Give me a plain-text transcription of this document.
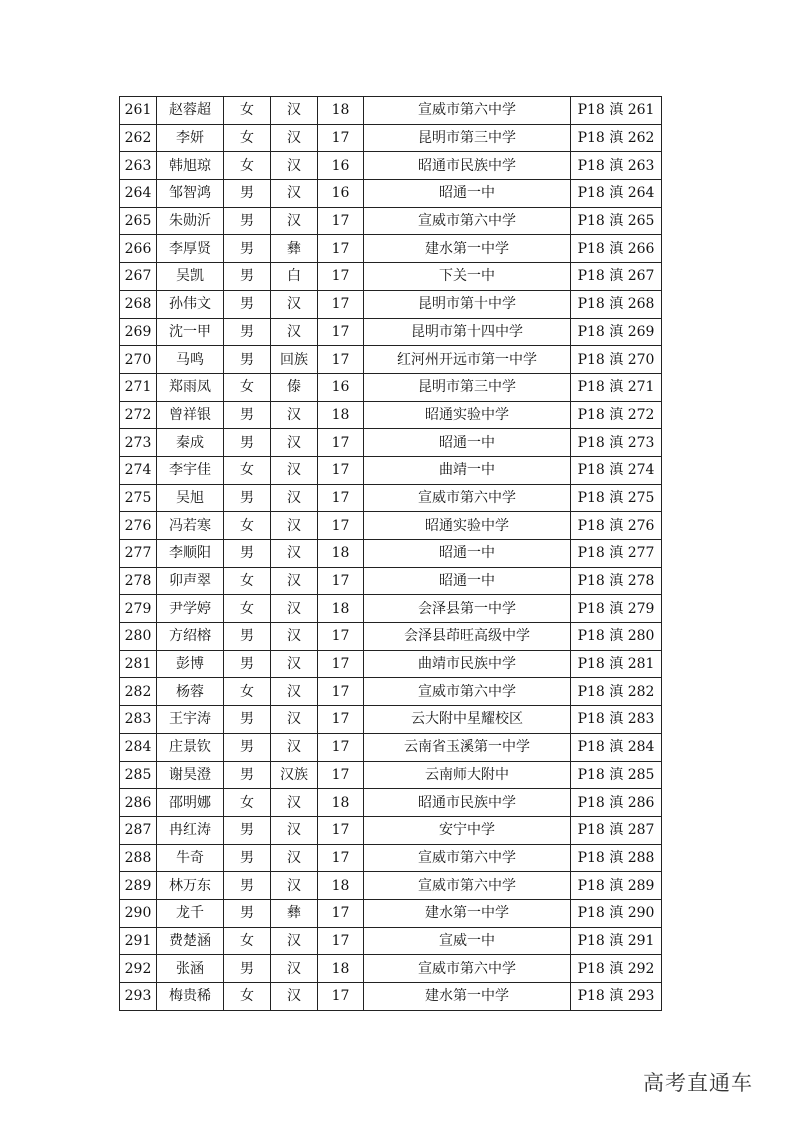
261	赵蓉超	女	汉	18	宣威市第六中学	P18 滇 261
262	李妍	女	汉	17	昆明市第三中学	P18 滇 262
263	韩旭琼	女	汉	16	昭通市民族中学	P18 滇 263
264	邹智鸿	男	汉	16	昭通一中	P18 滇 264
265	朱勋沂	男	汉	17	宣威市第六中学	P18 滇 265
266	李厚贤	男	彝	17	建水第一中学	P18 滇 266
267	吴凯	男	白	17	下关一中	P18 滇 267
268	孙伟文	男	汉	17	昆明市第十中学	P18 滇 268
269	沈一甲	男	汉	17	昆明市第十四中学	P18 滇 269
270	马鸣	男	回族	17	红河州开远市第一中学	P18 滇 270
271	郑雨凤	女	傣	16	昆明市第三中学	P18 滇 271
272	曾祥银	男	汉	18	昭通实验中学	P18 滇 272
273	秦成	男	汉	17	昭通一中	P18 滇 273
274	李宇佳	女	汉	17	曲靖一中	P18 滇 274
275	吴旭	男	汉	17	宣威市第六中学	P18 滇 275
276	冯若寒	女	汉	17	昭通实验中学	P18 滇 276
277	李顺阳	男	汉	18	昭通一中	P18 滇 277
278	卯声翠	女	汉	17	昭通一中	P18 滇 278
279	尹学婷	女	汉	18	会泽县第一中学	P18 滇 279
280	方绍榕	男	汉	17	会泽县茚旺高级中学	P18 滇 280
281	彭博	男	汉	17	曲靖市民族中学	P18 滇 281
282	杨蓉	女	汉	17	宣威市第六中学	P18 滇 282
283	王宇涛	男	汉	17	云大附中星耀校区	P18 滇 283
284	庄景钦	男	汉	17	云南省玉溪第一中学	P18 滇 284
285	谢昊澄	男	汉族	17	云南师大附中	P18 滇 285
286	邵明娜	女	汉	18	昭通市民族中学	P18 滇 286
287	冉红涛	男	汉	17	安宁中学	P18 滇 287
288	牛奇	男	汉	17	宣威市第六中学	P18 滇 288
289	林万东	男	汉	18	宣威市第六中学	P18 滇 289
290	龙千	男	彝	17	建水第一中学	P18 滇 290
291	费楚涵	女	汉	17	宣威一中	P18 滇 291
292	张涵	男	汉	18	宣威市第六中学	P18 滇 292
293	梅贵稀	女	汉	17	建水第一中学	P18 滇 293
高考直通车
